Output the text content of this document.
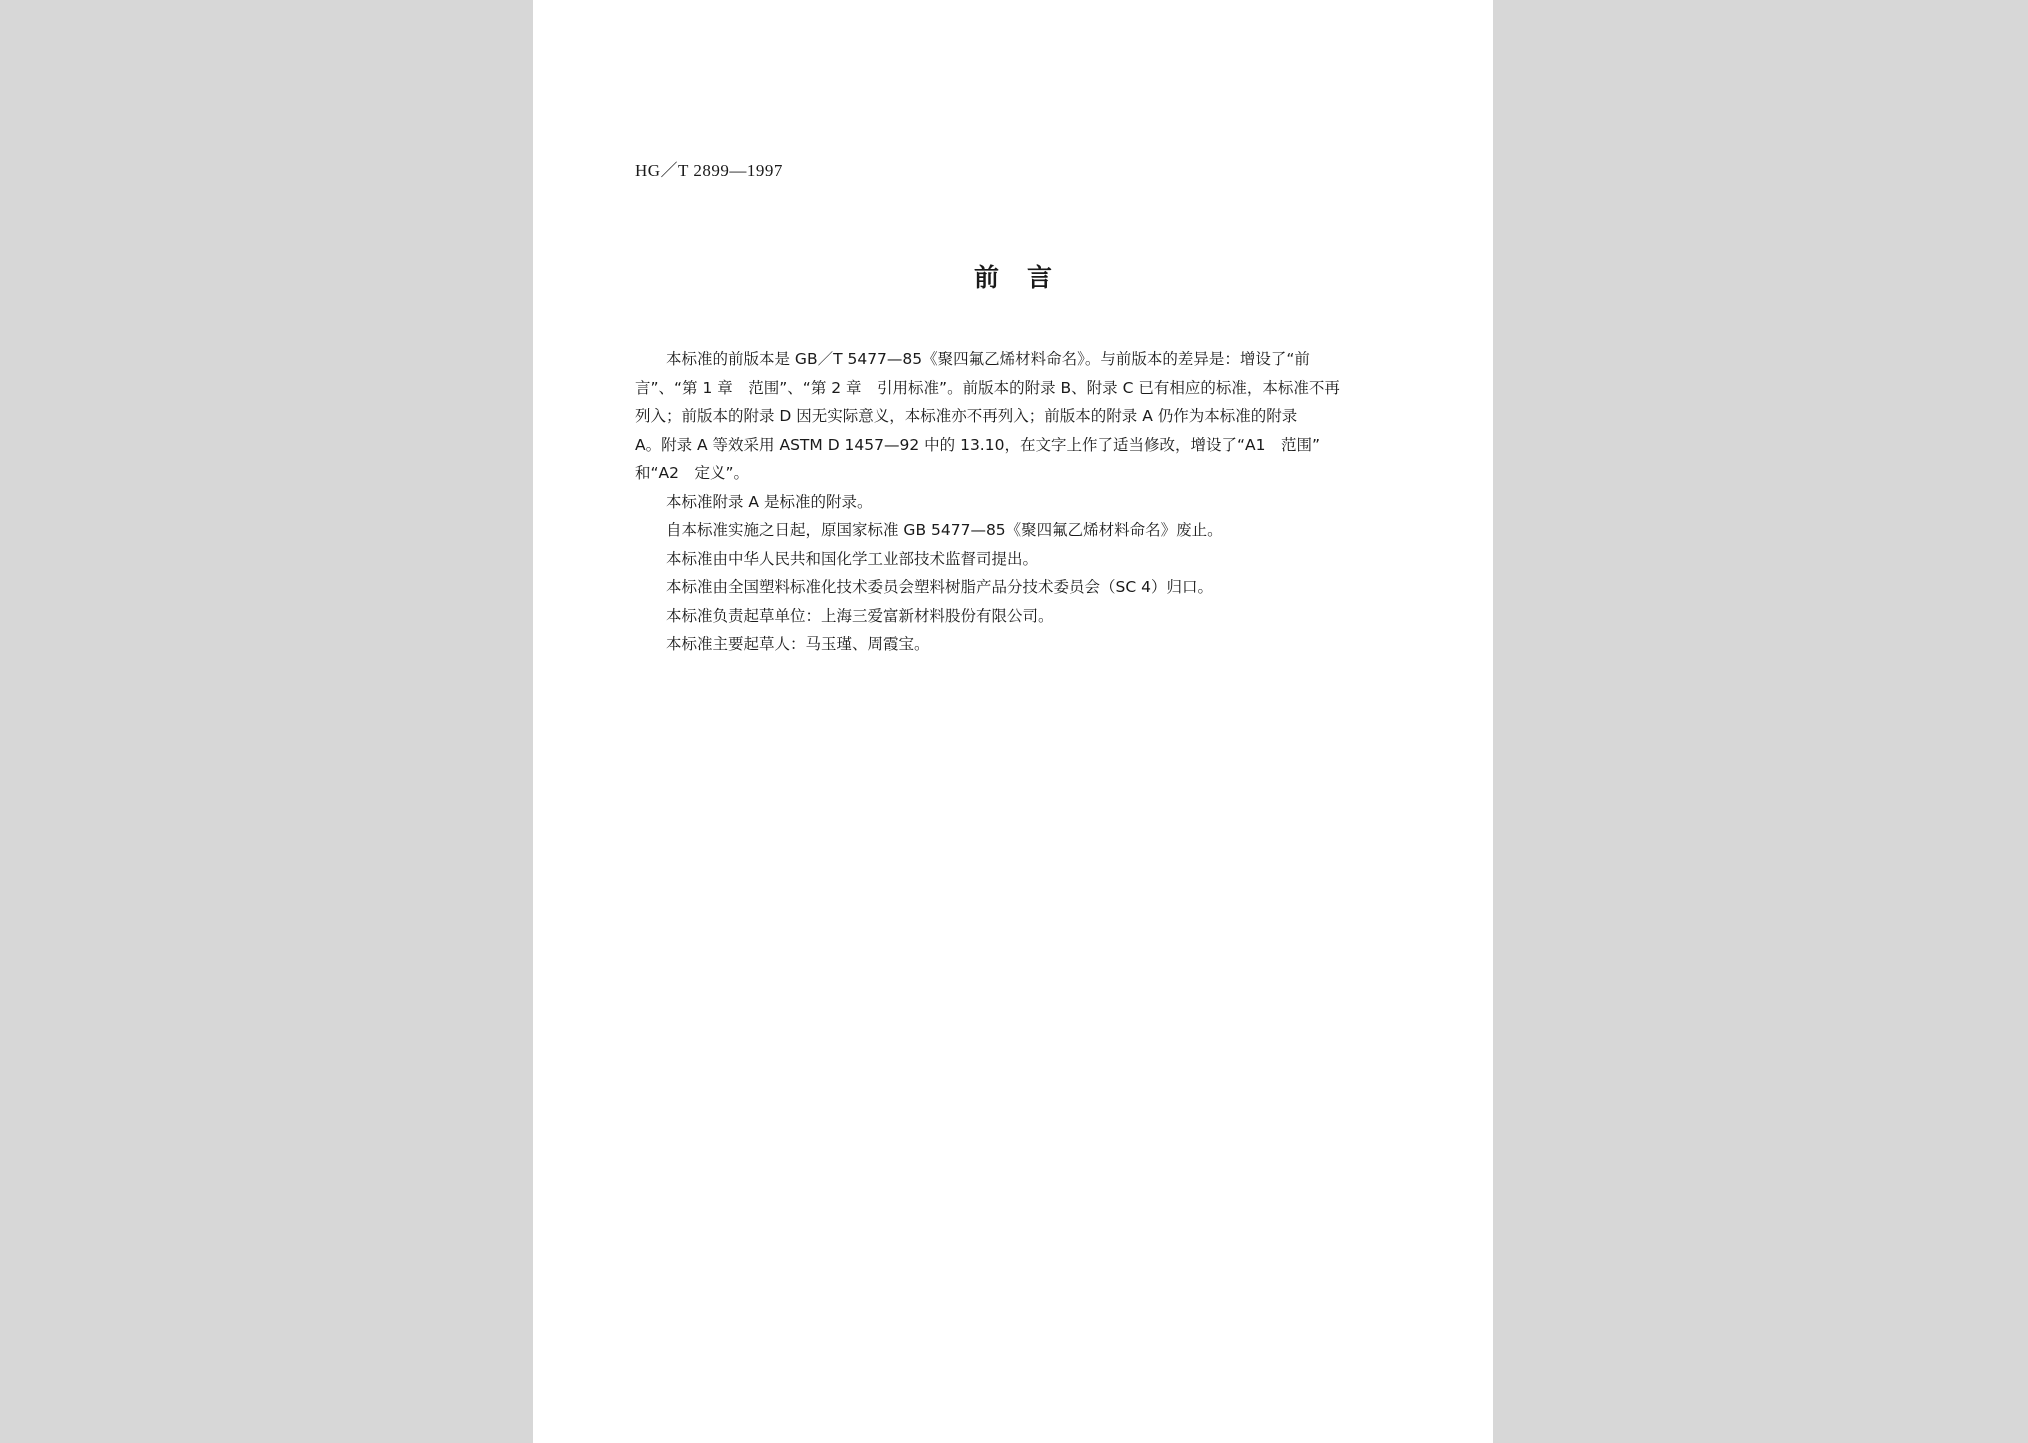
HG／T 2899—1997
前言
本标准的前版本是 GB／T 5477—85《聚四氟乙烯材料命名》。与前版本的差异是：增设了“前
言”、“第 1 章　范围”、“第 2 章　引用标准”。前版本的附录 B、附录 C 已有相应的标准，本标准不再
列入；前版本的附录 D 因无实际意义，本标准亦不再列入；前版本的附录 A 仍作为本标准的附录
A。附录 A 等效采用 ASTM D 1457—92 中的 13.10，在文字上作了适当修改，增设了“A1　范围”
和“A2　定义”。

本标准附录 A 是标准的附录。

自本标准实施之日起，原国家标准 GB 5477—85《聚四氟乙烯材料命名》废止。

本标准由中华人民共和国化学工业部技术监督司提出。

本标准由全国塑料标准化技术委员会塑料树脂产品分技术委员会（SC 4）归口。

本标准负责起草单位：上海三爱富新材料股份有限公司。

本标准主要起草人：马玉瑾、周霞宝。
